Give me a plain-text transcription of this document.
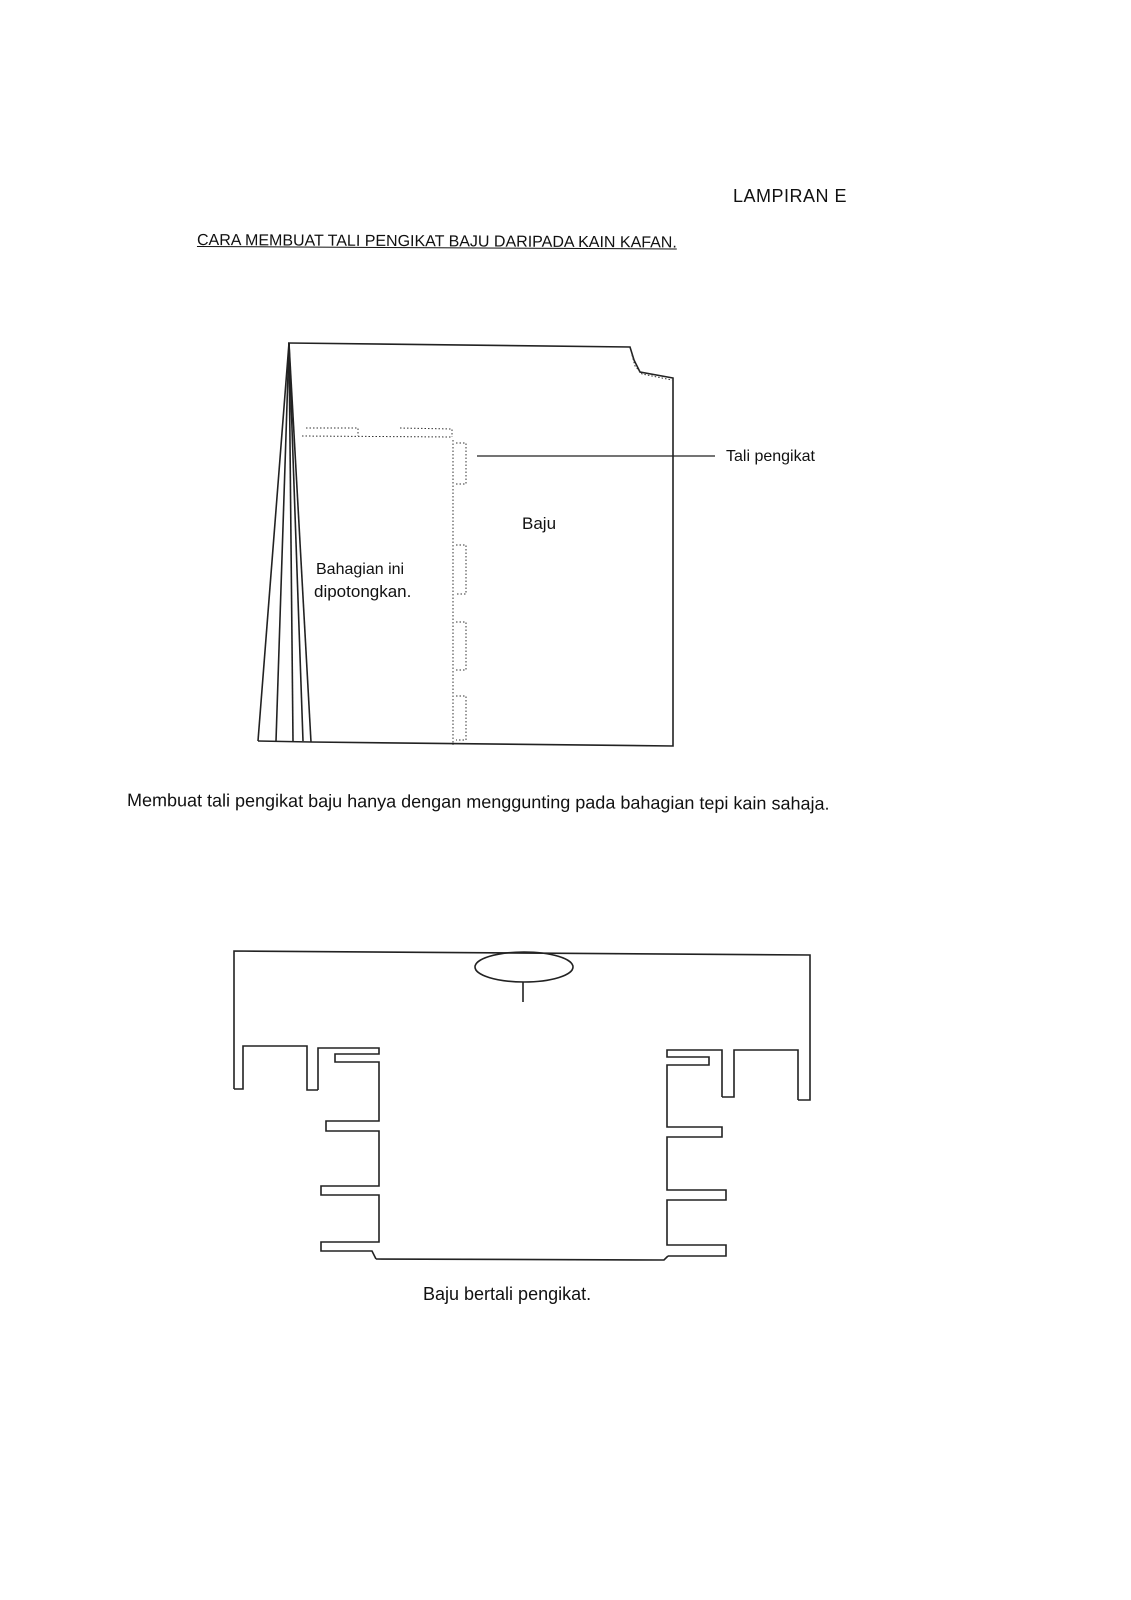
LAMPIRAN E
CARA MEMBUAT TALI PENGIKAT BAJU DARIPADA KAIN KAFAN.
Tali pengikat
Baju
Bahagian ini
dipotongkan.
Membuat tali pengikat baju hanya dengan menggunting pada bahagian tepi kain sahaja.
Baju bertali pengikat.
